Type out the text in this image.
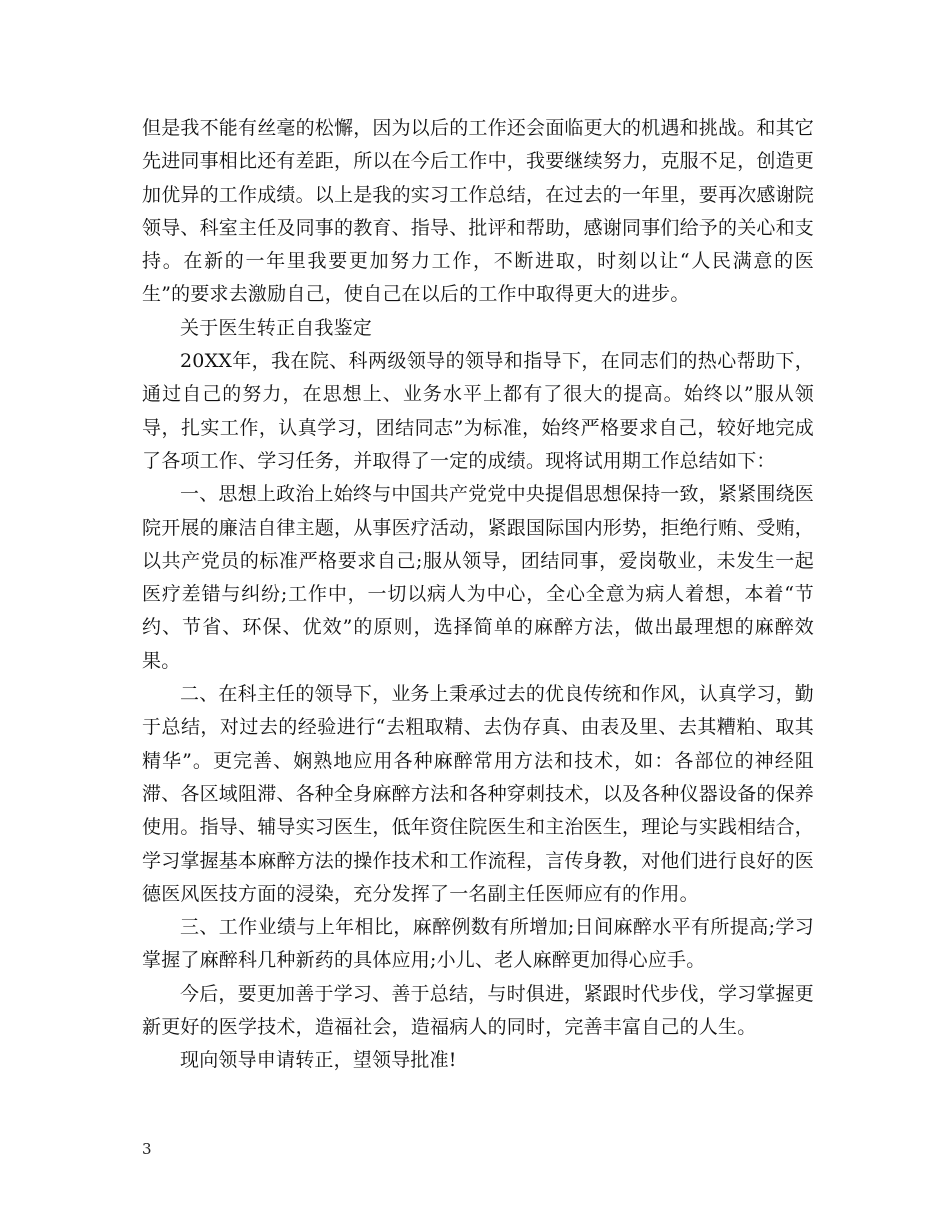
但是我不能有丝毫的松懈，因为以后的工作还会面临更大的机遇和挑战。和其它先进同事相比还有差距，所以在今后工作中，我要继续努力，克服不足，创造更加优异的工作成绩。以上是我的实习工作总结，在过去的一年里，要再次感谢院领导、科室主任及同事的教育、指导、批评和帮助，感谢同事们给予的关心和支持。在新的一年里我要更加努力工作，不断进取，时刻以让“人民满意的医生”的要求去激励自己，使自己在以后的工作中取得更大的进步。

关于医生转正自我鉴定

20XX年，我在院、科两级领导的领导和指导下，在同志们的热心帮助下，通过自己的努力，在思想上、业务水平上都有了很大的提高。始终以”服从领导，扎实工作，认真学习，团结同志”为标准，始终严格要求自己，较好地完成了各项工作、学习任务，并取得了一定的成绩。现将试用期工作总结如下：

一、思想上政治上始终与中国共产党党中央提倡思想保持一致，紧紧围绕医院开展的廉洁自律主题，从事医疗活动，紧跟国际国内形势，拒绝行贿、受贿，以共产党员的标准严格要求自己;服从领导，团结同事，爱岗敬业，未发生一起医疗差错与纠纷;工作中，一切以病人为中心，全心全意为病人着想，本着“节约、节省、环保、优效”的原则，选择简单的麻醉方法，做出最理想的麻醉效果。

二、在科主任的领导下，业务上秉承过去的优良传统和作风，认真学习，勤于总结，对过去的经验进行“去粗取精、去伪存真、由表及里、去其糟粕、取其精华”。更完善、娴熟地应用各种麻醉常用方法和技术，如：各部位的神经阻滞、各区域阻滞、各种全身麻醉方法和各种穿刺技术，以及各种仪器设备的保养使用。指导、辅导实习医生，低年资住院医生和主治医生，理论与实践相结合，学习掌握基本麻醉方法的操作技术和工作流程，言传身教，对他们进行良好的医德医风医技方面的浸染，充分发挥了一名副主任医师应有的作用。

三、工作业绩与上年相比，麻醉例数有所增加;日间麻醉水平有所提高;学习掌握了麻醉科几种新药的具体应用;小儿、老人麻醉更加得心应手。

今后，要更加善于学习、善于总结，与时俱进，紧跟时代步伐，学习掌握更新更好的医学技术，造福社会，造福病人的同时，完善丰富自己的人生。

现向领导申请转正，望领导批准!

3
